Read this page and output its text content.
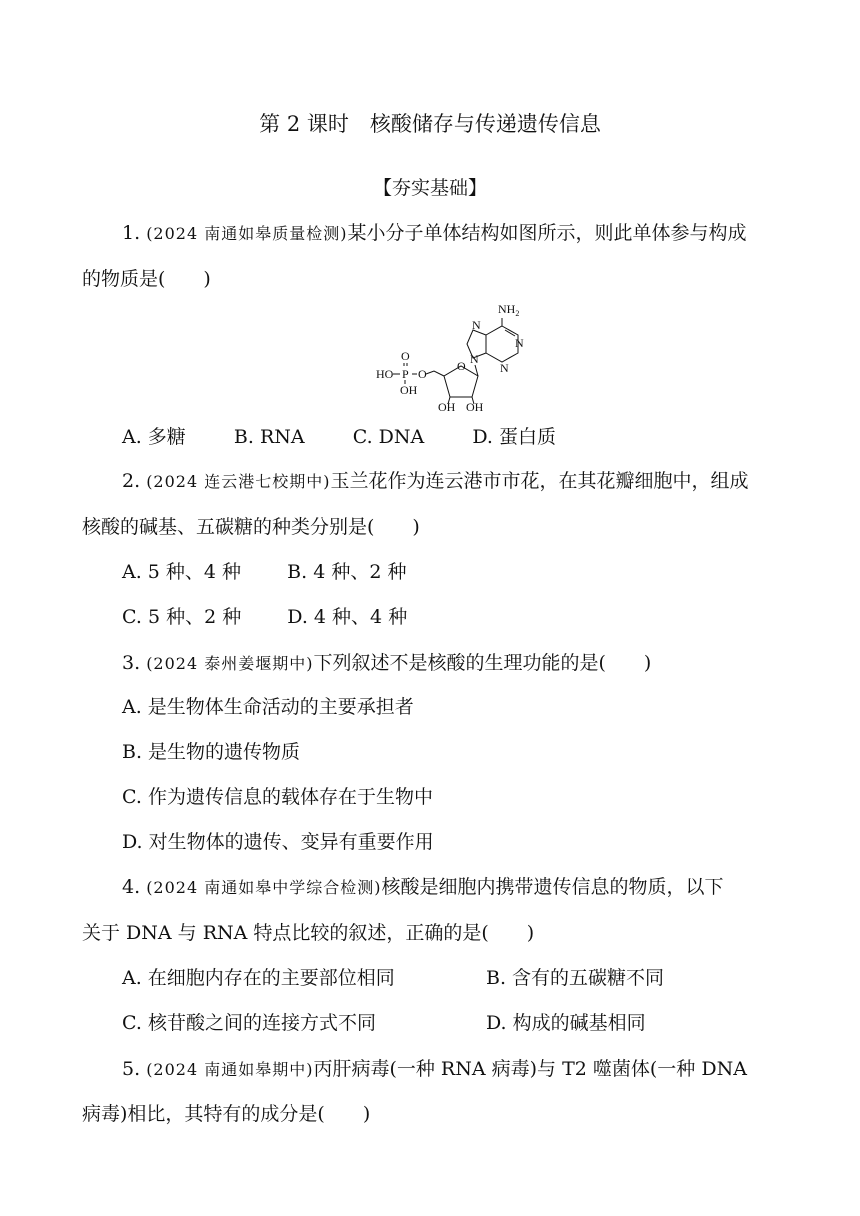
第 2 课时　核酸储存与传递遗传信息
【夯实基础】
1. (2024 南通如皋质量检测)某小分子单体结构如图所示，则此单体参与构成
的物质是(　　)
$NH_2$
N
N
N
N
O
OH OH
O
P
O
HO
OH
A. 多糖	B. RNA	C. DNA	D. 蛋白质
2. (2024 连云港七校期中)玉兰花作为连云港市市花，在其花瓣细胞中，组成
核酸的碱基、五碳糖的种类分别是(　　)
A. 5 种、4 种 B. 4 种、2 种
C. 5 种、2 种 D. 4 种、4 种
3. (2024 泰州姜堰期中)下列叙述不是核酸的生理功能的是(　　)
A. 是生物体生命活动的主要承担者
B. 是生物的遗传物质
C. 作为遗传信息的载体存在于生物中
D. 对生物体的遗传、变异有重要作用
4. (2024 南通如皋中学综合检测)核酸是细胞内携带遗传信息的物质，以下
关于 DNA 与 RNA 特点比较的叙述，正确的是(　　)
A. 在细胞内存在的主要部位相同	B. 含有的五碳糖不同
C. 核苷酸之间的连接方式不同	D. 构成的碱基相同
5. (2024 南通如皋期中)丙肝病毒(一种 RNA 病毒)与 T2 噬菌体(一种 DNA
病毒)相比，其特有的成分是(　　)
